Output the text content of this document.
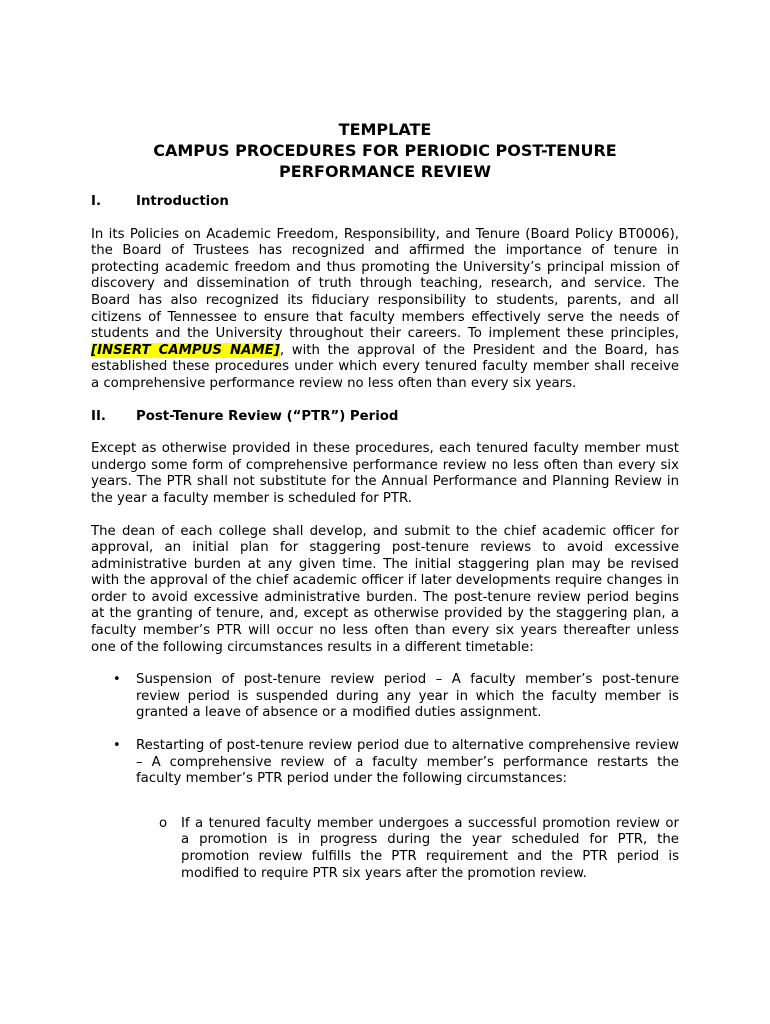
TEMPLATE
CAMPUS PROCEDURES FOR PERIODIC POST-TENURE
PERFORMANCE REVIEW
I.	Introduction

In its Policies on Academic Freedom, Responsibility, and Tenure (Board Policy BT0006), the Board of Trustees has recognized and affirmed the importance of tenure in protecting academic freedom and thus promoting the University’s principal mission of discovery and dissemination of truth through teaching, research, and service. The Board has also recognized its fiduciary responsibility to students, parents, and all citizens of Tennessee to ensure that faculty members effectively serve the needs of students and the University throughout their careers. To implement these principles, [INSERT CAMPUS NAME], with the approval of the President and the Board, has established these procedures under which every tenured faculty member shall receive a comprehensive performance review no less often than every six years.

II.	Post-Tenure Review (“PTR”) Period

Except as otherwise provided in these procedures, each tenured faculty member must undergo some form of comprehensive performance review no less often than every six years. The PTR shall not substitute for the Annual Performance and Planning Review in the year a faculty member is scheduled for PTR.

The dean of each college shall develop, and submit to the chief academic officer for approval, an initial plan for staggering post-tenure reviews to avoid excessive administrative burden at any given time. The initial staggering plan may be revised with the approval of the chief academic officer if later developments require changes in order to avoid excessive administrative burden. The post-tenure review period begins at the granting of tenure, and, except as otherwise provided by the staggering plan, a faculty member’s PTR will occur no less often than every six years thereafter unless one of the following circumstances results in a different timetable:

• Suspension of post-tenure review period – A faculty member’s post-tenure review period is suspended during any year in which the faculty member is granted a leave of absence or a modified duties assignment.
• Restarting of post-tenure review period due to alternative comprehensive review – A comprehensive review of a faculty member’s performance restarts the faculty member’s PTR period under the following circumstances:
o If a tenured faculty member undergoes a successful promotion review or a promotion is in progress during the year scheduled for PTR, the promotion review fulfills the PTR requirement and the PTR period is modified to require PTR six years after the promotion review.
